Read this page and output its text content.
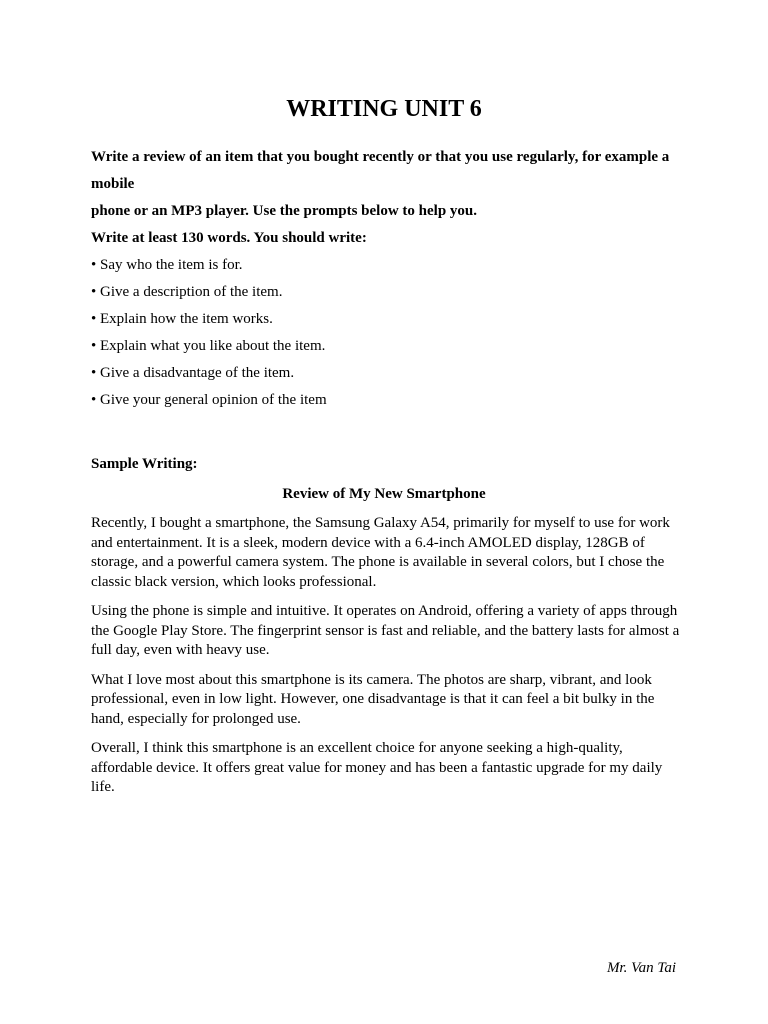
WRITING UNIT 6
Write a review of an item that you bought recently or that you use regularly, for example a
mobile
phone or an MP3 player. Use the prompts below to help you.
Write at least 130 words. You should write:
• Say who the item is for.
• Give a description of the item.
• Explain how the item works.
• Explain what you like about the item.
• Give a disadvantage of the item.
• Give your general opinion of the item
Sample Writing:
Review of My New Smartphone

Recently, I bought a smartphone, the Samsung Galaxy A54, primarily for myself to use for work and entertainment. It is a sleek, modern device with a 6.4-inch AMOLED display, 128GB of storage, and a powerful camera system. The phone is available in several colors, but I chose the classic black version, which looks professional.

Using the phone is simple and intuitive. It operates on Android, offering a variety of apps through the Google Play Store. The fingerprint sensor is fast and reliable, and the battery lasts for almost a full day, even with heavy use.

What I love most about this smartphone is its camera. The photos are sharp, vibrant, and look professional, even in low light. However, one disadvantage is that it can feel a bit bulky in the hand, especially for prolonged use.

Overall, I think this smartphone is an excellent choice for anyone seeking a high-quality, affordable device. It offers great value for money and has been a fantastic upgrade for my daily life.

Mr. Van Tai
